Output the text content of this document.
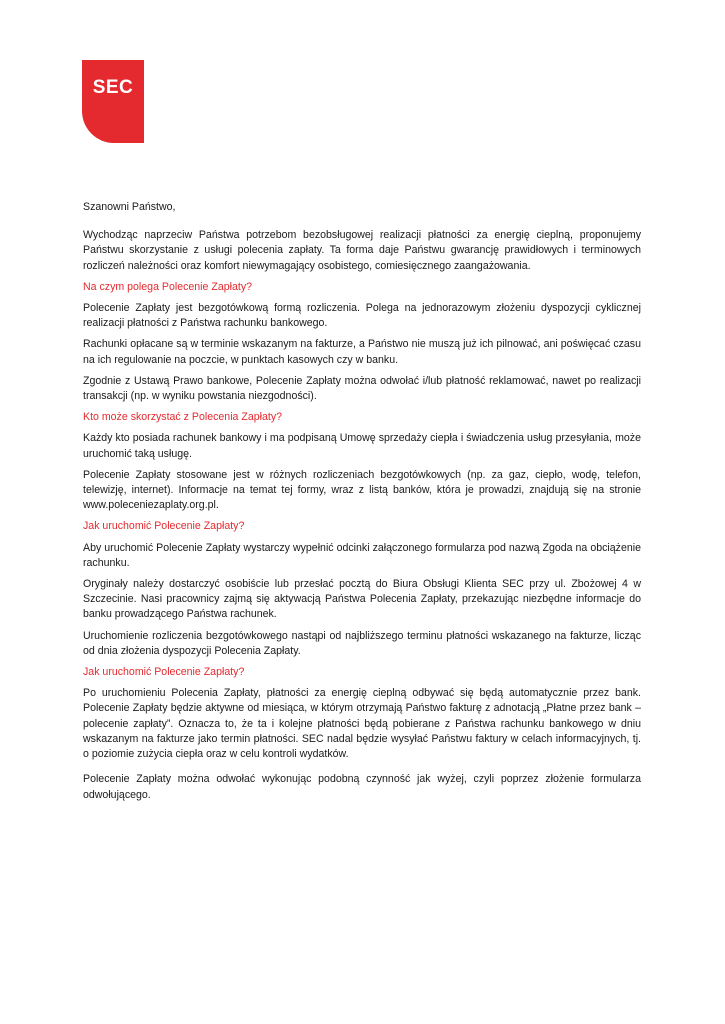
SEC

Szanowni Państwo,

Wychodząc naprzeciw Państwa potrzebom bezobsługowej realizacji płatności za energię cieplną, proponujemy Państwu skorzystanie z usługi polecenia zapłaty. Ta forma daje Państwu gwarancję prawidłowych i terminowych rozliczeń należności oraz komfort niewymagający osobistego, comiesięcznego zaangażowania.

Na czym polega Polecenie Zapłaty?

Polecenie Zapłaty jest bezgotówkową formą rozliczenia. Polega na jednorazowym złożeniu dyspozycji cyklicznej realizacji płatności z Państwa rachunku bankowego.

Rachunki opłacane są w terminie wskazanym na fakturze, a Państwo nie muszą już ich pilnować, ani poświęcać czasu na ich regulowanie na poczcie, w punktach kasowych czy w banku.

Zgodnie z Ustawą Prawo bankowe, Polecenie Zapłaty można odwołać i/lub płatność reklamować, nawet po realizacji transakcji (np. w wyniku powstania niezgodności).

Kto może skorzystać z Polecenia Zapłaty?

Każdy kto posiada rachunek bankowy i ma podpisaną Umowę sprzedaży ciepła i świadczenia usług przesyłania, może uruchomić taką usługę.

Polecenie Zapłaty stosowane jest w różnych rozliczeniach bezgotówkowych (np. za gaz, ciepło, wodę, telefon, telewizję, internet). Informacje na temat tej formy, wraz z listą banków, która je prowadzi, znajdują się na stronie www.poleceniezaplaty.org.pl.

Jak uruchomić Polecenie Zapłaty?

Aby uruchomić Polecenie Zapłaty wystarczy wypełnić odcinki załączonego formularza pod nazwą Zgoda na obciążenie rachunku.

Oryginały należy dostarczyć osobiście lub przesłać pocztą do Biura Obsługi Klienta SEC przy ul. Zbożowej 4 w Szczecinie. Nasi pracownicy zajmą się aktywacją Państwa Polecenia Zapłaty, przekazując niezbędne informacje do banku prowadzącego Państwa rachunek.

Uruchomienie rozliczenia bezgotówkowego nastąpi od najbliższego terminu płatności wskazanego na fakturze, licząc od dnia złożenia dyspozycji Polecenia Zapłaty.

Jak uruchomić Polecenie Zapłaty?

Po uruchomieniu Polecenia Zapłaty, płatności za energię cieplną odbywać się będą automatycznie przez bank. Polecenie Zapłaty będzie aktywne od miesiąca, w którym otrzymają Państwo fakturę z adnotacją „Płatne przez bank – polecenie zapłaty”. Oznacza to, że ta i kolejne płatności będą pobierane z Państwa rachunku bankowego w dniu wskazanym na fakturze jako termin płatności. SEC nadal będzie wysyłać Państwu faktury w celach informacyjnych, tj. o poziomie zużycia ciepła oraz w celu kontroli wydatków.

Polecenie Zapłaty można odwołać wykonując podobną czynność jak wyżej, czyli poprzez złożenie formularza odwołującego.
